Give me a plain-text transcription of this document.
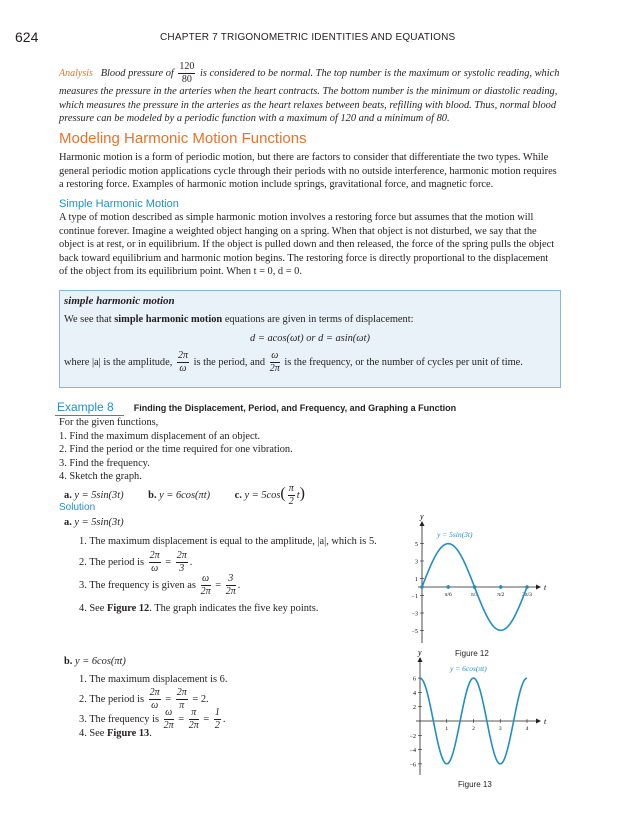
624	CHAPTER 7 TRIGONOMETRIC IDENTITIES AND EQUATIONS
Analysis Blood pressure of $\frac{120}{80}$ is considered to be normal. The top number is the maximum or systolic reading, which
measures the pressure in the arteries when the heart contracts. The bottom number is the minimum or diastolic reading,
which measures the pressure in the arteries as the heart relaxes between beats, refilling with blood. Thus, normal blood
pressure can be modeled by a periodic function with a maximum of 120 and a minimum of 80.
Modeling Harmonic Motion Functions
Harmonic motion is a form of periodic motion, but there are factors to consider that differentiate the two types. While
general periodic motion applications cycle through their periods with no outside interference, harmonic motion requires
a restoring force. Examples of harmonic motion include springs, gravitational force, and magnetic force.
Simple Harmonic Motion
A type of motion described as simple harmonic motion involves a restoring force but assumes that the motion will
continue forever. Imagine a weighted object hanging on a spring. When that object is not disturbed, we say that the
object is at rest, or in equilibrium. If the object is pulled down and then released, the force of the spring pulls the object
back toward equilibrium and harmonic motion begins. The restoring force is directly proportional to the displacement
of the object from its equilibrium point. When t = 0, d = 0.
simple harmonic motion
We see that simple harmonic motion equations are given in terms of displacement:
d = acos(ωt) or d = asin(ωt)
where |a| is the amplitude, $\frac{2\pi}{\omega}$ is the period, and $\frac{\omega}{2\pi}$ is the frequency, or the number of cycles per unit of time.
Example 8 Finding the Displacement, Period, and Frequency, and Graphing a Function
For the given functions,
1. Find the maximum displacement of an object.
2. Find the period or the time required for one vibration.
3. Find the frequency.
4. Sketch the graph.
a. y = 5sin(3t) b. y = 6cos(πt) c. $y = 5\cos( \frac{\pi}{2} t)$
Solution
a. y = 5sin(3t)
1. The maximum displacement is equal to the amplitude, |a|, which is 5.
2. The period is $\frac{2\pi}{\omega} = \frac{2\pi}{3}$ .
3. The frequency is given as $\frac{\omega}{2\pi} = \frac{3}{2\pi}$ .
4. See Figure 12. The graph indicates the five key points.
b. y = 6cos(πt)
1. The maximum displacement is 6.
2. The period is $\frac{2\pi}{\omega} = \frac{2\pi}{\pi} = 2$.
3. The frequency is $\frac{\omega}{2\pi} = \frac{\pi}{2\pi} = \frac{1}{2}$ .
4. See Figure 13.
t
y
5
3
1
−1
−3
−5
π/6	π/3	π/2	2π/3
y = 5sin(3t)
Figure 12
t
y
6
4
2
−2
−4
−6
1	2	3	4
y = 6cos(πt)
Figure 13
